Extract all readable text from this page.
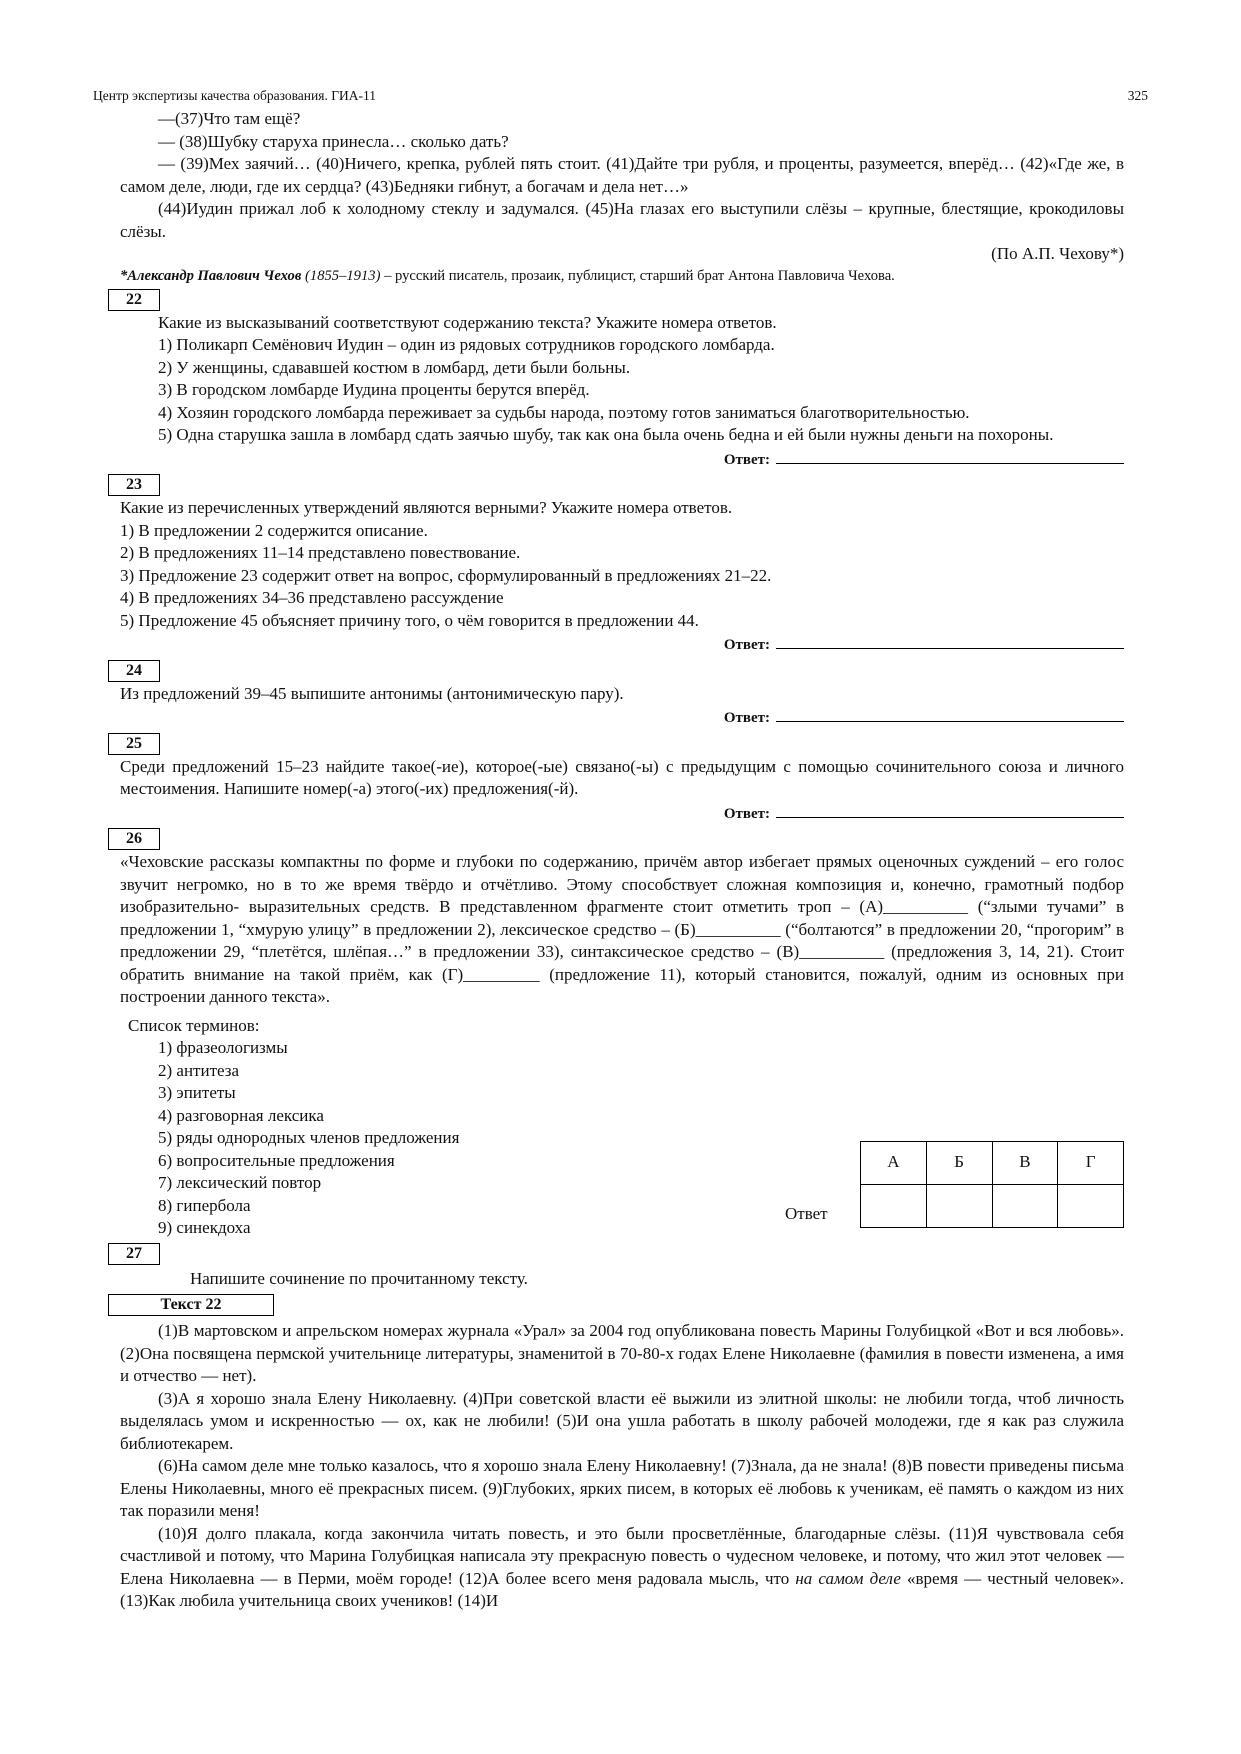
Центр экспертизы качества образования. ГИА-11	325

—(37)Что там ещё?

— (38)Шубку старуха принесла… сколько дать?

— (39)Мех заячий… (40)Ничего, крепка, рублей пять стоит. (41)Дайте три рубля, и проценты, разумеется, вперёд… (42)«Где же, в самом деле, люди, где их сердца? (43)Бедняки гибнут, а богачам и дела нет…»

(44)Иудин прижал лоб к холодному стеклу и задумался. (45)На глазах его выступили слёзы – крупные, блестящие, крокодиловы слёзы.

(По А.П. Чехову*)

*Александр Павлович Чехов (1855–1913) – русский писатель, прозаик, публицист, старший брат Антона Павловича Чехова.

22

Какие из высказываний соответствуют содержанию текста? Укажите номера ответов.

1) Поликарп Семёнович Иудин – один из рядовых сотрудников городского ломбарда.

2) У женщины, сдававшей костюм в ломбард, дети были больны.

3) В городском ломбарде Иудина проценты берутся вперёд.

4) Хозяин городского ломбарда переживает за судьбы народа, поэтому готов заниматься благотворительностью.

5) Одна старушка зашла в ломбард сдать заячью шубу, так как она была очень бедна и ей были нужны деньги на похороны.

Ответ:
23

Какие из перечисленных утверждений являются верными? Укажите номера ответов.

1) В предложении 2 содержится описание.

2) В предложениях 11–14 представлено повествование.

3) Предложение 23 содержит ответ на вопрос, сформулированный в предложениях 21–22.

4) В предложениях 34–36 представлено рассуждение

5) Предложение 45 объясняет причину того, о чём говорится в предложении 44.

Ответ:
24

Из предложений 39–45 выпишите антонимы (антонимическую пару).

Ответ:
25

Среди предложений 15–23 найдите такое(-ие), которое(-ые) связано(-ы) с предыдущим с помощью сочинительного союза и личного местоимения. Напишите номер(-а) этого(-их) предложения(-й).

Ответ:
26

«Чеховские рассказы компактны по форме и глубоки по содержанию, причём автор избегает прямых оценочных суждений – его голос звучит негромко, но в то же время твёрдо и отчётливо. Этому способствует сложная композиция и, конечно, грамотный подбор изобразительно- выразительных средств. В представленном фрагменте стоит отметить троп – (А)__________ (“злыми тучами” в предложении 1, “хмурую улицу” в предложении 2), лексическое средство – (Б)__________ (“болтаются” в предложении 20, “прогорим” в предложении 29, “плетётся, шлёпая…” в предложении 33), синтаксическое средство – (В)__________ (предложения 3, 14, 21). Стоит обратить внимание на такой приём, как (Г)_________ (предложение 11), который становится, пожалуй, одним из основных при построении данного текста».

Список терминов:

1) фразеологизмы

2) антитеза

3) эпитеты

4) разговорная лексика

5) ряды однородных членов предложения

6) вопросительные предложения

7) лексический повтор

8) гипербола

9) синекдоха

Ответ
А	Б	В	Г

27

Напишите сочинение по прочитанному тексту.

Текст 22

(1)В мартовском и апрельском номерах журнала «Урал» за 2004 год опубликована повесть Марины Голубицкой «Вот и вся любовь». (2)Она посвящена пермской учительнице литературы, знаменитой в 70-80-х годах Елене Николаевне (фамилия в повести изменена, а имя и отчество — нет).

(3)А я хорошо знала Елену Николаевну. (4)При советской власти её выжили из элитной школы: не любили тогда, чтоб личность выделялась умом и искренностью — ох, как не любили! (5)И она ушла работать в школу рабочей молодежи, где я как раз служила библиотекарем.

(6)На самом деле мне только казалось, что я хорошо знала Елену Николаевну! (7)Знала, да не знала! (8)В повести приведены письма Елены Николаевны, много её прекрасных писем. (9)Глубоких, ярких писем, в которых её любовь к ученикам, её память о каждом из них так поразили меня!

(10)Я долго плакала, когда закончила читать повесть, и это были просветлённые, благодарные слёзы. (11)Я чувствовала себя счастливой и потому, что Марина Голубицкая написала эту прекрасную повесть о чудесном человеке, и потому, что жил этот человек — Елена Николаевна — в Перми, моём городе! (12)А более всего меня радовала мысль, что на самом деле «время — честный человек». (13)Как любила учительница своих учеников! (14)И
